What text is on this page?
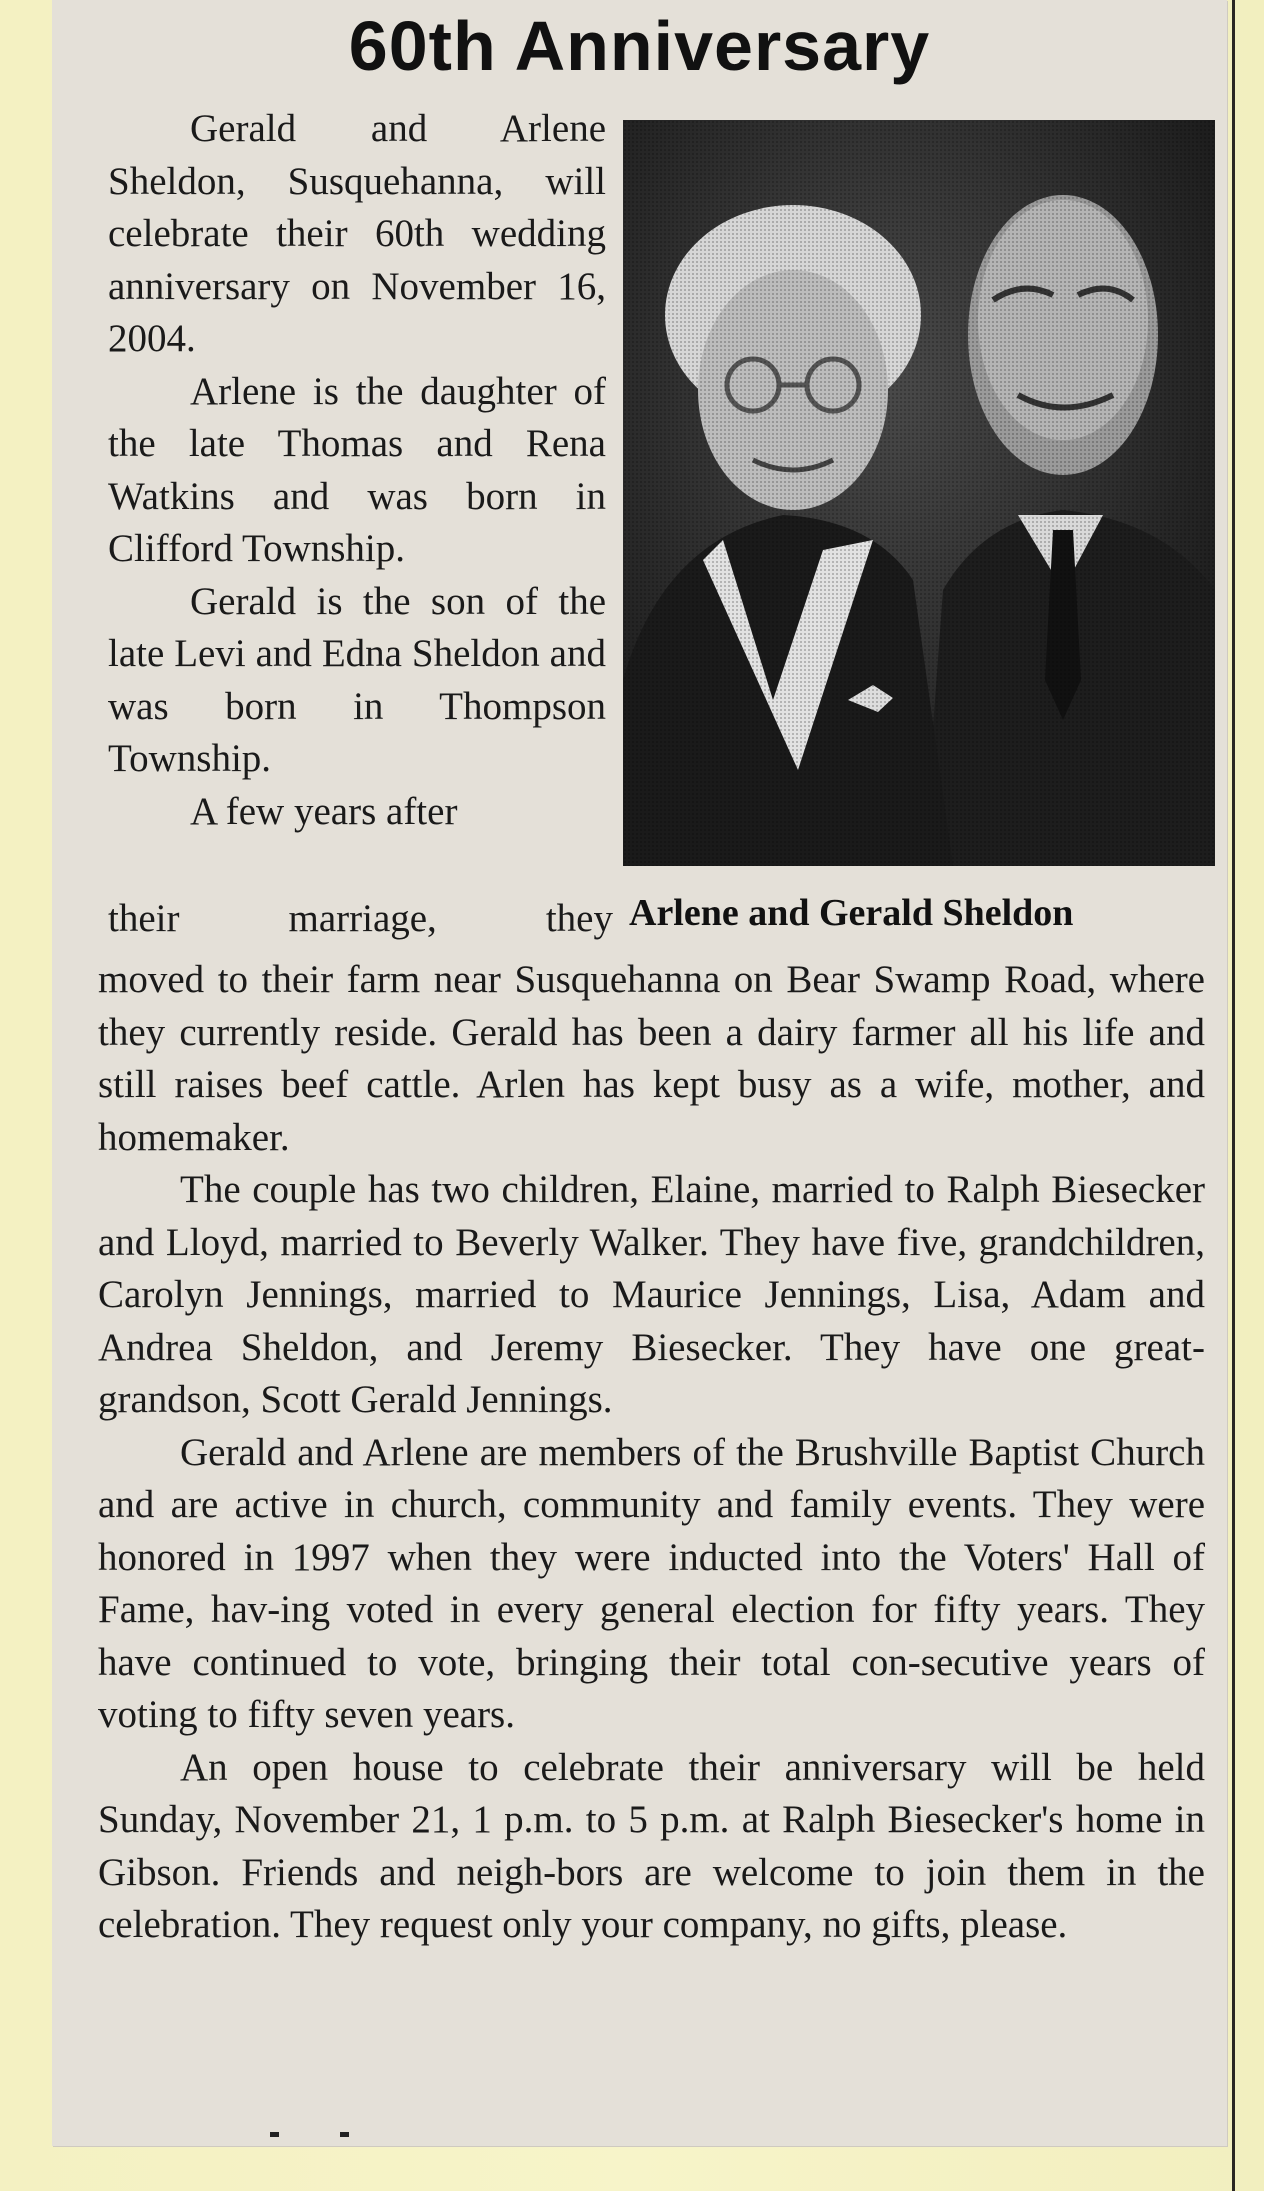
60th Anniversary

Gerald and Arlene Sheldon, Susquehanna, will celebrate their 60th wedding anniversary on November 16, 2004.

Arlene is the daughter of the late Thomas and Rena Watkins and was born in Clifford Township.

Gerald is the son of the late Levi and Edna Sheldon and was born in Thompson Township.

A few years after

their	marriage,	they Arlene and Gerald Sheldon

moved to their farm near Susquehanna on Bear Swamp Road, where they currently reside. Gerald has been a dairy farmer all his life and still raises beef cattle. Arlen has kept busy as a wife, mother, and homemaker.

The couple has two children, Elaine, married to Ralph Biesecker and Lloyd, married to Beverly Walker. They have five, grandchildren, Carolyn Jennings, married to Maurice Jennings, Lisa, Adam and Andrea Sheldon, and Jeremy Biesecker. They have one great-grandson, Scott Gerald Jennings.

Gerald and Arlene are members of the Brushville Baptist Church and are active in church, community and family events. They were honored in 1997 when they were inducted into the Voters' Hall of Fame, hav-ing voted in every general election for fifty years. They have continued to vote, bringing their total con-secutive years of voting to fifty seven years.

An open house to celebrate their anniversary will be held Sunday, November 21, 1 p.m. to 5 p.m. at Ralph Biesecker's home in Gibson. Friends and neigh-bors are welcome to join them in the celebration. They request only your company, no gifts, please.
